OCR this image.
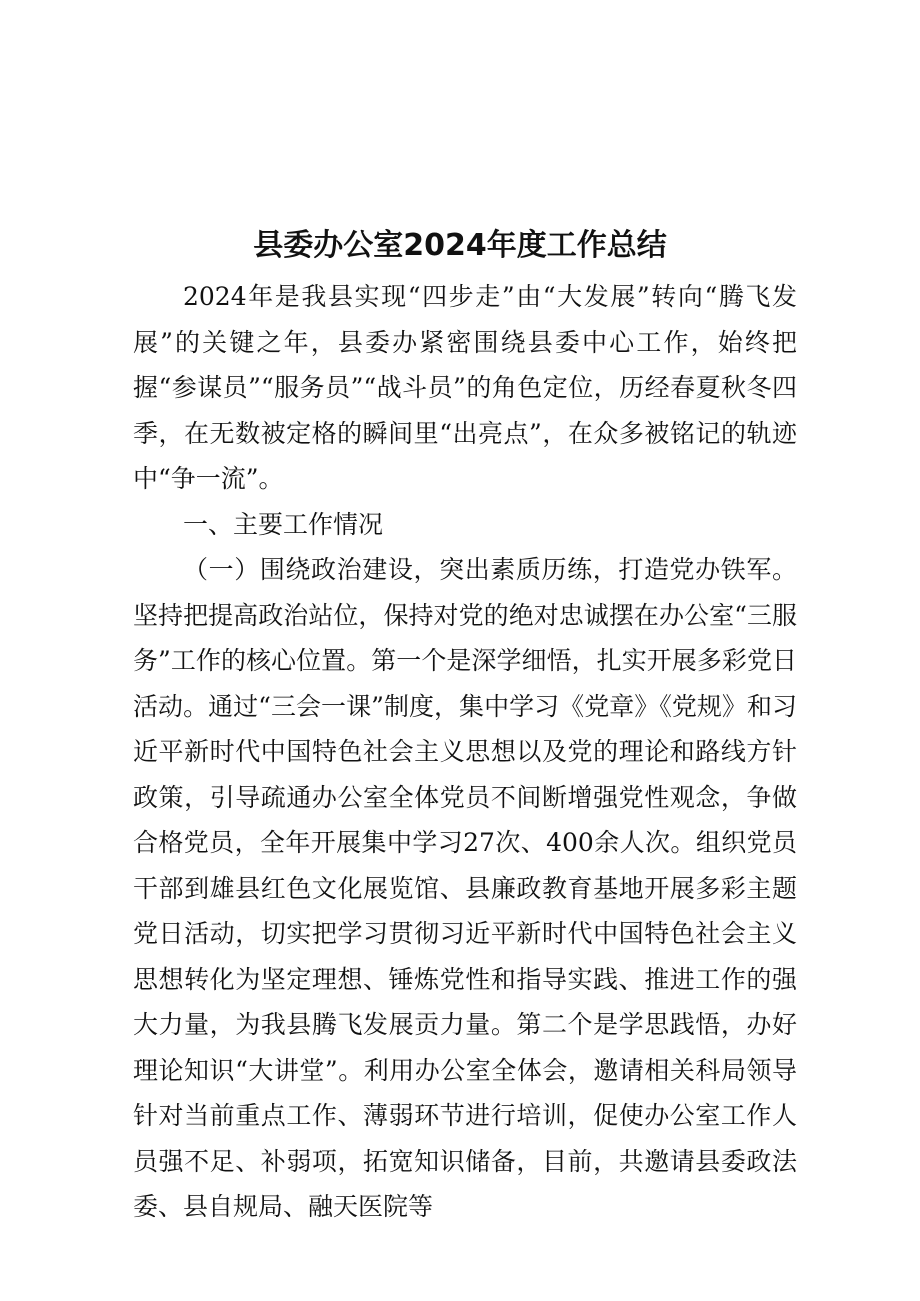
县委办公室2024年度工作总结

2024年是我县实现“四步走”由“大发展”转向“腾飞发展”的关键之年，县委办紧密围绕县委中心工作，始终把握“参谋员”“服务员”“战斗员”的角色定位，历经春夏秋冬四季，在无数被定格的瞬间里“出亮点”，在众多被铭记的轨迹中“争一流”。

一、主要工作情况

（一）围绕政治建设，突出素质历练，打造党办铁军。坚持把提高政治站位，保持对党的绝对忠诚摆在办公室“三服务”工作的核心位置。第一个是深学细悟，扎实开展多彩党日活动。通过“三会一课”制度，集中学习《党章》《党规》和习近平新时代中国特色社会主义思想以及党的理论和路线方针政策，引导疏通办公室全体党员不间断增强党性观念，争做合格党员，全年开展集中学习27次、400余人次。组织党员干部到雄县红色文化展览馆、县廉政教育基地开展多彩主题党日活动，切实把学习贯彻习近平新时代中国特色社会主义思想转化为坚定理想、锤炼党性和指导实践、推进工作的强大力量，为我县腾飞发展贡力量。第二个是学思践悟，办好理论知识“大讲堂”。利用办公室全体会，邀请相关科局领导针对当前重点工作、薄弱环节进行培训，促使办公室工作人员强不足、补弱项，拓宽知识储备，目前，共邀请县委政法委、县自规局、融天医院等
